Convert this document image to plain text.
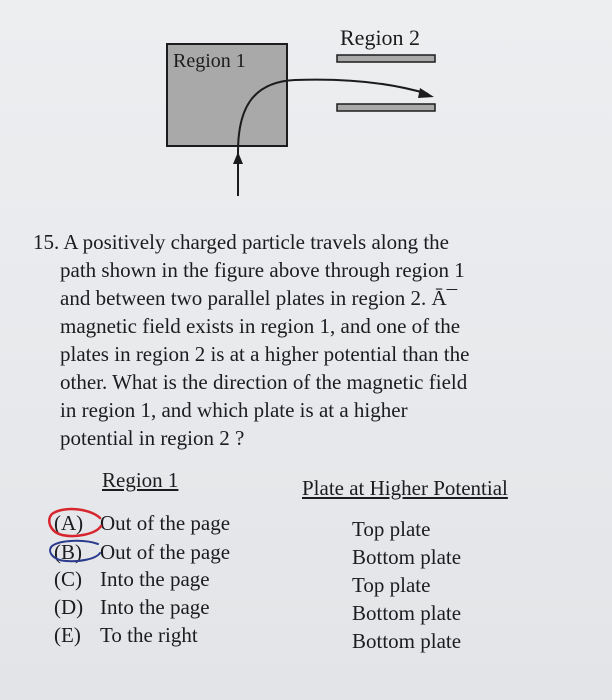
Region 1
Region 2
15. A positively charged particle travels along the
path shown in the figure above through region 1
and between two parallel plates in region 2. Ā¯
magnetic field exists in region 1, and one of the
plates in region 2 is at a higher potential than the
other. What is the direction of the magnetic field
in region 1, and which plate is at a higher
potential in region 2 ?
Region 1	Plate at Higher Potential
(A) Out of the page	Top plate
(B) Out of the page	Bottom plate
(C) Into the page	Top plate
(D) Into the page	Bottom plate
(E) To the right	Bottom plate
